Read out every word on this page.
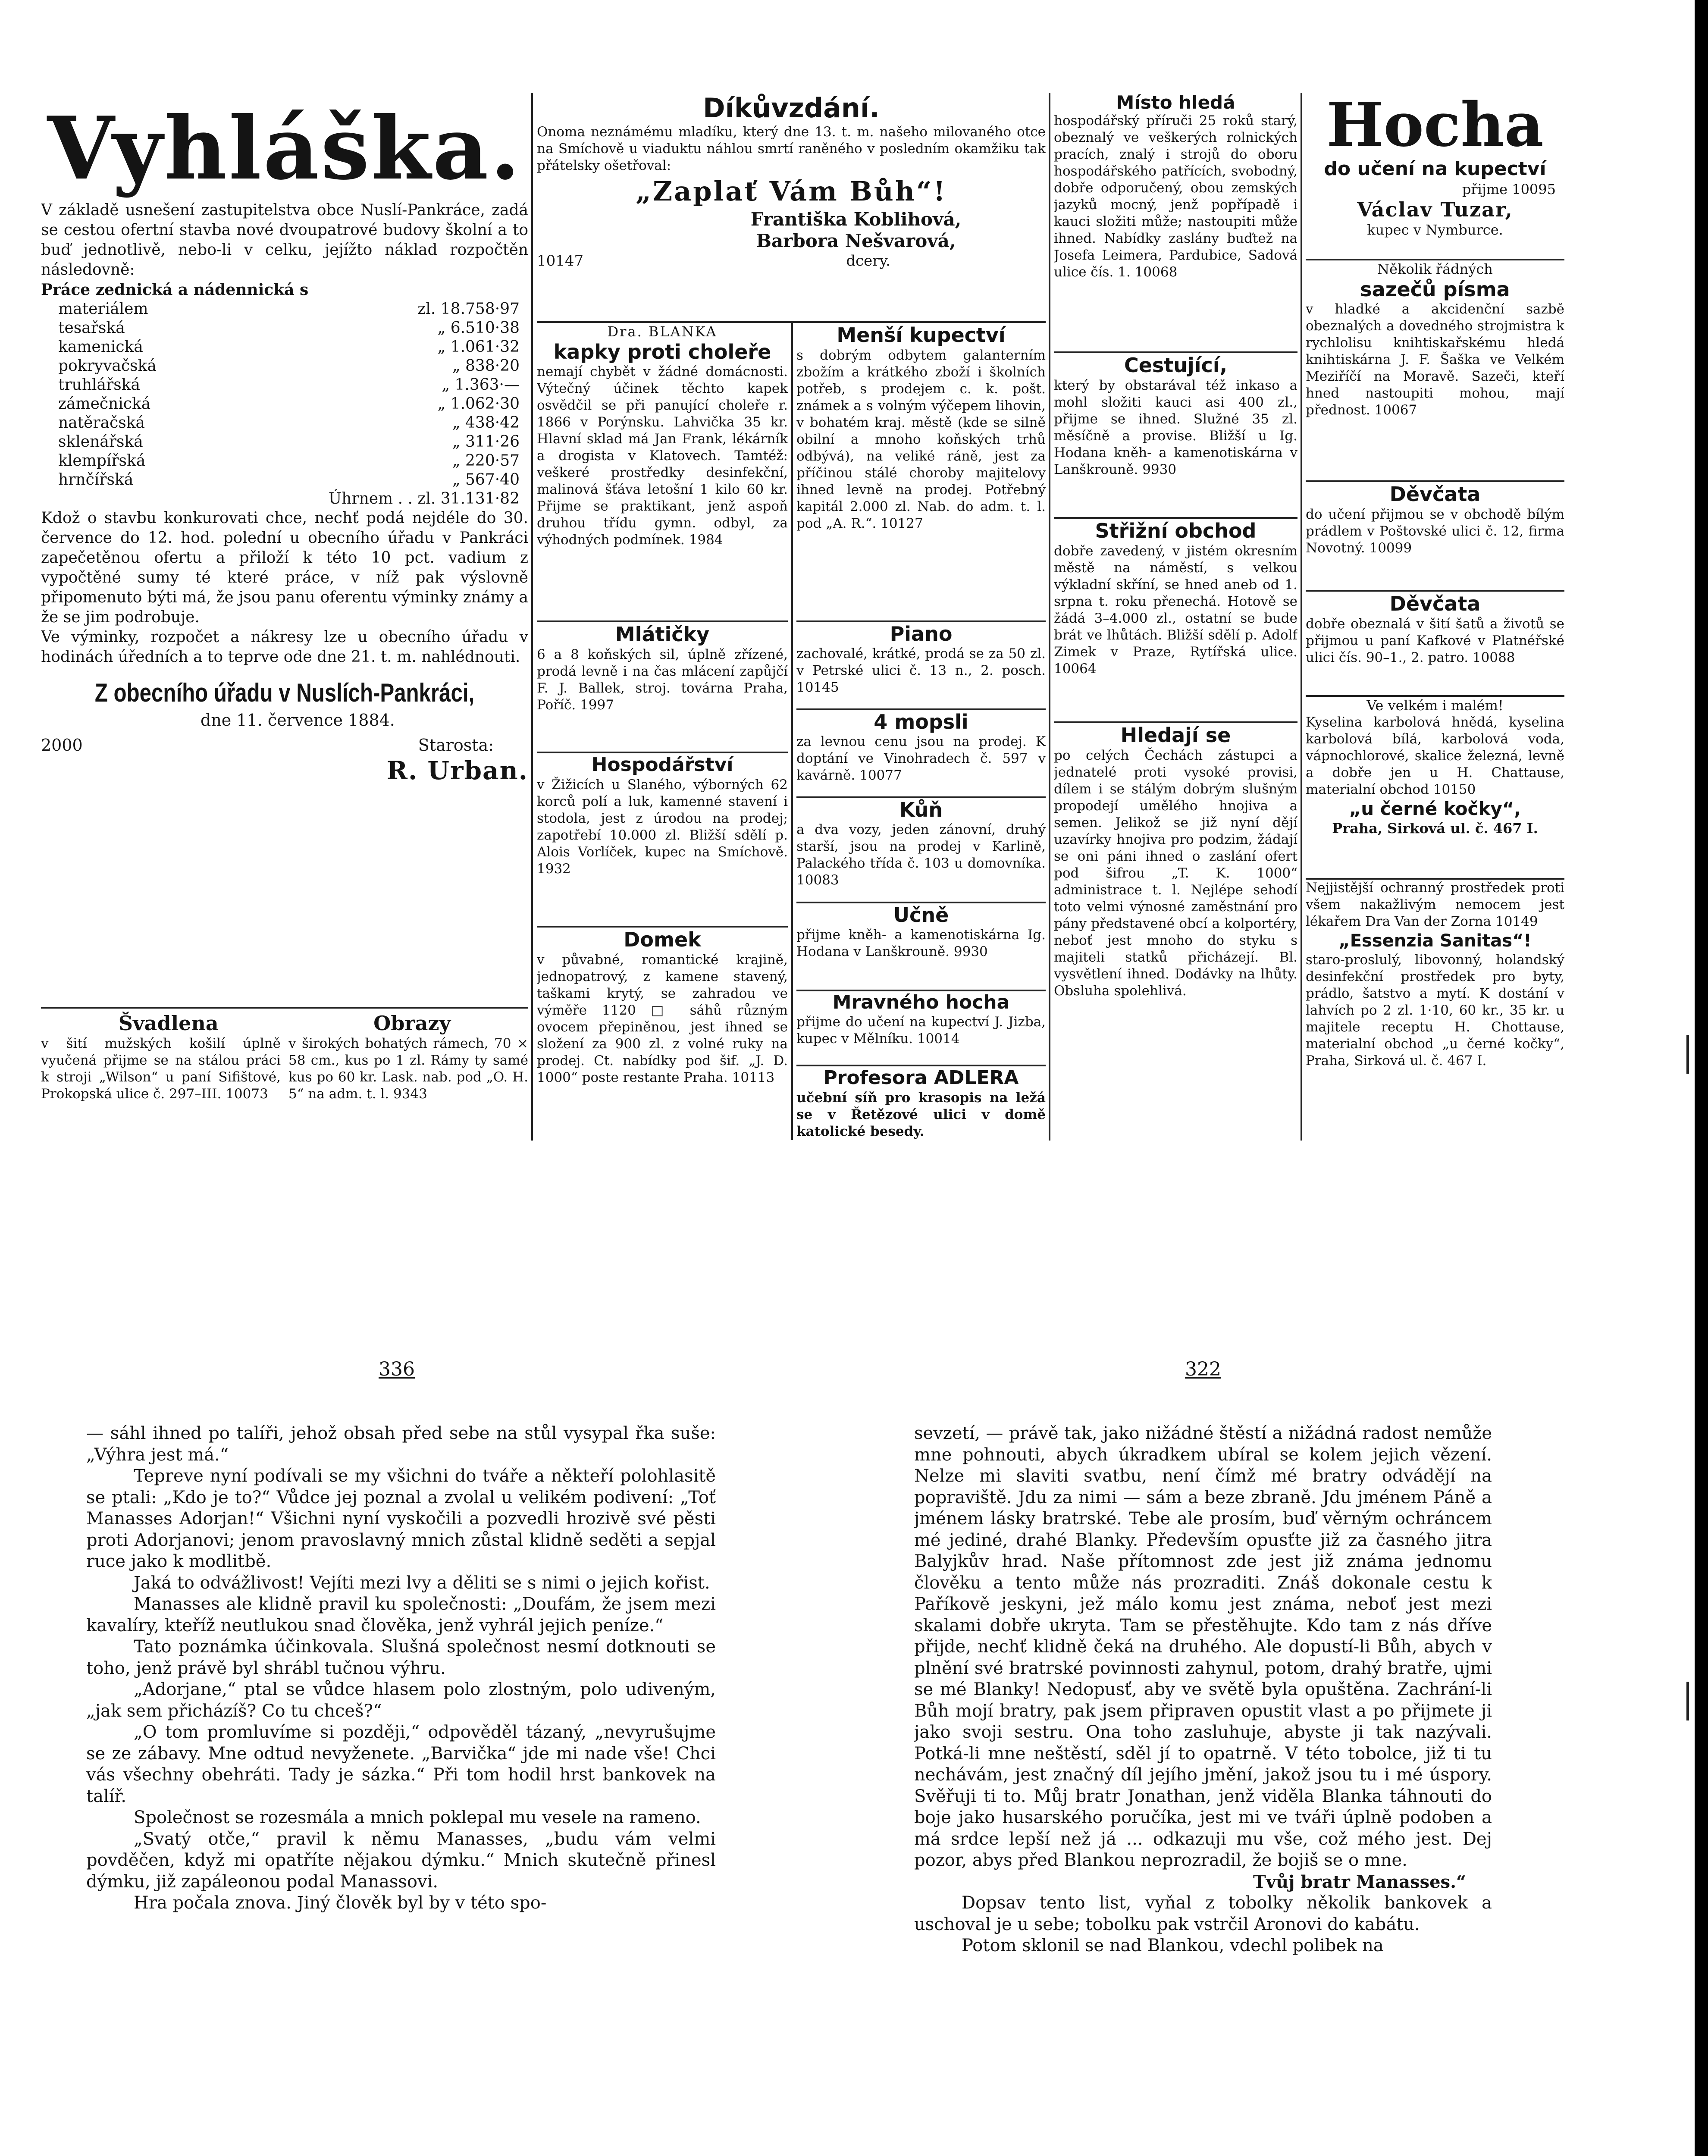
Vyhláška.

V základě usnešení zastupitelstva obce Nuslí-Pankráce, zadá se cestou ofertní stavba nové dvoupatrové budovy školní a to buď jednotlivě, nebo-li v celku, jejížto náklad rozpočtěn následovně:

Práce zednická a nádennická s

materiálem	zl. 18.758·97
tesařská	„ 6.510·38
kamenická	„ 1.061·32
pokryvačská	„ 838·20
truhlářská	„ 1.363·—
zámečnická	„ 1.062·30
natěračská	„ 438·42
sklenářská	„ 311·26
klempířská	„ 220·57
hrnčířská	„ 567·40
Úhrnem . . zl. 31.131·82

Kdož o stavbu konkurovati chce, nechť podá nejdéle do 30. července do 12. hod. polední u obecního úřadu v Pankráci zapečetěnou ofertu a přiloží k této 10 pct. vadium z vypočtěné sumy té které práce, v níž pak výslovně připomenuto býti má, že jsou panu oferentu výminky známy a že se jim podrobuje.

Ve výminky, rozpočet a nákresy lze u obecního úřadu v hodinách úředních a to teprve ode dne 21. t. m. nahlédnouti.

Z obecního úřadu v Nuslích-Pankráci,
dne 11. července 1884.
2000	Starosta:
R. Urban.
Švadlena	Obrazy

v šití mužských košilí úplně vyučená přijme se na stálou práci k stroji „Wilson“ u paní Sifištové, Prokopská ulice č. 297–III. 10073

v širokých bohatých rámech, 70 × 58 cm., kus po 1 zl. Rámy ty samé kus po 60 kr. Lask. nab. pod „O. H. 5“ na adm. t. l. 9343

Díkůvzdání.

Onoma neznámému mladíku, který dne 13. t. m. našeho milovaného otce na Smíchově u viaduktu náhlou smrtí raněného v posledním okamžiku tak přátelsky ošetřoval:

„Zaplať Vám Bůh“!
Františka Koblihová,
Barbora Nešvarová,
10147	dcery.
Dra. BLANKA
kapky proti choleře

nemají chybět v žádné domácnosti. Výtečný účinek těchto kapek osvědčil se při panující choleře r. 1866 v Porýnsku. Lahvička 35 kr. Hlavní sklad má Jan Frank, lékárník a drogista v Klatovech. Tamtéž: veškeré prostředky desinfekční, malinová šťáva letošní 1 kilo 60 kr. Přijme se praktikant, jenž aspoň druhou třídu gymn. odbyl, za výhodných podmínek. 1984

Mlátičky

6 a 8 koňských sil, úplně zřízené, prodá levně i na čas mlácení zapůjčí F. J. Ballek, stroj. továrna Praha, Poříč. 1997

Hospodářství

v Žižicích u Slaného, výborných 62 korců polí a luk, kamenné stavení i stodola, jest z úrodou na prodej; zapotřebí 10.000 zl. Bližší sdělí p. Alois Vorlíček, kupec na Smíchově. 1932

Domek

v půvabné, romantické krajině, jednopatrový, z kamene stavený, taškami krytý, se zahradou ve výměře 1120 □ sáhů různým ovocem přepiněnou, jest ihned se složení za 900 zl. z volné ruky na prodej. Ct. nabídky pod šif. „J. D. 1000“ poste restante Praha. 10113

Menší kupectví

s dobrým odbytem galanterním zbožím a krátkého zboží i školních potřeb, s prodejem c. k. pošt. známek a s volným výčepem lihovin, v bohatém kraj. městě (kde se silně obilní a mnoho koňských trhů odbývá), na veliké ráně, jest za příčinou stálé choroby majitelovy ihned levně na prodej. Potřebný kapitál 2.000 zl. Nab. do adm. t. l. pod „A. R.“. 10127

Piano

zachovalé, krátké, prodá se za 50 zl. v Petrské ulici č. 13 n., 2. posch. 10145

4 mopsli

za levnou cenu jsou na prodej. K doptání ve Vinohradech č. 597 v kavárně. 10077

Kůň

a dva vozy, jeden zánovní, druhý starší, jsou na prodej v Karlině, Palackého třída č. 103 u domovníka. 10083

Učně

přijme kněh- a kamenotiskárna Ig. Hodana v Lanškrouně. 9930

Mravného hocha

přijme do učení na kupectví J. Jizba, kupec v Mělníku. 10014

Profesora ADLERA

učební síň pro krasopis na ležá se v Řetězové ulici v domě katolické besedy.

Místo hledá

hospodářský příruči 25 roků starý, obeznalý ve veškerých rolnických pracích, znalý i strojů do oboru hospodářského patřících, svobodný, dobře odporučený, obou zemských jazyků mocný, jenž popřípadě i kauci složiti může; nastoupiti může ihned. Nabídky zaslány buďtež na Josefa Leimera, Pardubice, Sadová ulice čís. 1. 10068

Cestující,

který by obstarával též inkaso a mohl složiti kauci asi 400 zl., přijme se ihned. Služné 35 zl. měsíčně a provise. Bližší u Ig. Hodana kněh- a kamenotiskárna v Lanškrouně. 9930

Střižní obchod

dobře zavedený, v jistém okresním městě na náměstí, s velkou výkladní skříní, se hned aneb od 1. srpna t. roku přenechá. Hotově se žádá 3–4.000 zl., ostatní se bude brát ve lhůtách. Bližší sdělí p. Adolf Zimek v Praze, Rytířská ulice. 10064

Hledají se

po celých Čechách zástupci a jednatelé proti vysoké provisi, dílem i se stálým dobrým slušným propodejí umělého hnojiva a semen. Jelikož se již nyní dějí uzavírky hnojiva pro podzim, žádají se oni páni ihned o zaslání ofert pod šifrou „T. K. 1000“ administrace t. l. Nejlépe sehodí toto velmi výnosné zaměstnání pro pány představené obcí a kolportéry, neboť jest mnoho do styku s majiteli statků přicházejí. Bl. vysvětlení ihned. Dodávky na lhůty. Obsluha spolehlivá.

Hocha
do učení na kupectví
přijme 10095
Václav Tuzar,
kupec v Nymburce.
Několik řádných
sazečů písma

v hladké a akcidenční sazbě obeznalých a dovedného strojmistra k rychlolisu knihtiskařskému hledá knihtiskárna J. F. Šaška ve Velkém Meziříčí na Moravě. Sazeči, kteří hned nastoupiti mohou, mají přednost. 10067

Děvčata

do učení přijmou se v obchodě bílým prádlem v Poštovské ulici č. 12, firma Novotný. 10099

Děvčata

dobře obeznalá v šití šatů a životů se přijmou u paní Kafkové v Platnéřské ulici čís. 90–1., 2. patro. 10088

Ve velkém i malém!

Kyselina karbolová hnědá, kyselina karbolová bílá, karbolová voda, vápnochlorové, skalice železná, levně a dobře jen u H. Chattause, materialní obchod 10150

„u černé kočky“,
Praha, Sirková ul. č. 467 I.

Nejjistější ochranný prostředek proti všem nakažlivým nemocem jest lékařem Dra Van der Zorna 10149

„Essenzia Sanitas“!

staro-proslulý, libovonný, holandský desinfekční prostředek pro byty, prádlo, šatstvo a mytí. K dostání v lahvích po 2 zl. 1·10, 60 kr., 35 kr. u majitele receptu H. Chottause, materialní obchod „u černé kočky“, Praha, Sirková ul. č. 467 I.

336	322

— sáhl ihned po talíři, jehož obsah před sebe na stůl vysypal řka suše: „Výhra jest má.“

Tepreve nyní podívali se my všichni do tváře a někteří polohlasitě se ptali: „Kdo je to?“ Vůdce jej poznal a zvolal u velikém podivení: „Toť Manasses Adorjan!“ Všichni nyní vyskočili a pozvedli hrozivě své pěsti proti Adorjanovi; jenom pravoslavný mnich zůstal klidně seděti a sepjal ruce jako k modlitbě.

Jaká to odvážlivost! Vejíti mezi lvy a děliti se s nimi o jejich kořist.

Manasses ale klidně pravil ku společnosti: „Doufám, že jsem mezi kavalíry, kteříž neutlukou snad člověka, jenž vyhrál jejich peníze.“

Tato poznámka účinkovala. Slušná společnost nesmí dotknouti se toho, jenž právě byl shrábl tučnou výhru.

„Adorjane,“ ptal se vůdce hlasem polo zlostným, polo udiveným, „jak sem přicházíš? Co tu chceš?“

„O tom promluvíme si později,“ odpověděl tázaný, „nevyrušujme se ze zábavy. Mne odtud nevyženete. „Barvička“ jde mi nade vše! Chci vás všechny obehráti. Tady je sázka.“ Při tom hodil hrst bankovek na talíř.

Společnost se rozesmála a mnich poklepal mu vesele na rameno.

„Svatý otče,“ pravil k němu Manasses, „budu vám velmi povděčen, když mi opatříte nějakou dýmku.“ Mnich skutečně přinesl dýmku, již zapáleonou podal Manassovi.

Hra počala znova. Jiný člověk byl by v této spo-

sevzetí, — právě tak, jako nižádné štěstí a nižádná radost nemůže mne pohnouti, abych úkradkem ubíral se kolem jejich vězení. Nelze mi slaviti svatbu, není čímž mé bratry odvádějí na popraviště. Jdu za nimi — sám a beze zbraně. Jdu jménem Páně a jménem lásky bratrské. Tebe ale prosím, buď věrným ochráncem mé jediné, drahé Blanky. Především opusťte již za časného jitra Balyjkův hrad. Naše přítomnost zde jest již známa jednomu člověku a tento může nás prozraditi. Znáš dokonale cestu k Paříkově jeskyni, jež málo komu jest známa, neboť jest mezi skalami dobře ukryta. Tam se přestěhujte. Kdo tam z nás dříve přijde, nechť klidně čeká na druhého. Ale dopustí-li Bůh, abych v plnění své bratrské povinnosti zahynul, potom, drahý bratře, ujmi se mé Blanky! Nedopusť, aby ve světě byla opuštěna. Zachrání-li Bůh mojí bratry, pak jsem připraven opustit vlast a po přijmete ji jako svoji sestru. Ona toho zasluhuje, abyste ji tak nazývali. Potká-li mne neštěstí, sděl jí to opatrně. V této tobolce, již ti tu nechávám, jest značný díl jejího jmění, jakož jsou tu i mé úspory. Svěřuji ti to. Můj bratr Jonathan, jenž viděla Blanka táhnouti do boje jako husarského poručíka, jest mi ve tváři úplně podoben a má srdce lepší než já ... odkazuji mu vše, což mého jest. Dej pozor, abys před Blankou neprozradil, že bojiš se o mne.

Tvůj bratr Manasses.“

Dopsav tento list, vyňal z tobolky několik bankovek a uschoval je u sebe; tobolku pak vstrčil Aronovi do kabátu.

Potom sklonil se nad Blankou, vdechl polibek na
